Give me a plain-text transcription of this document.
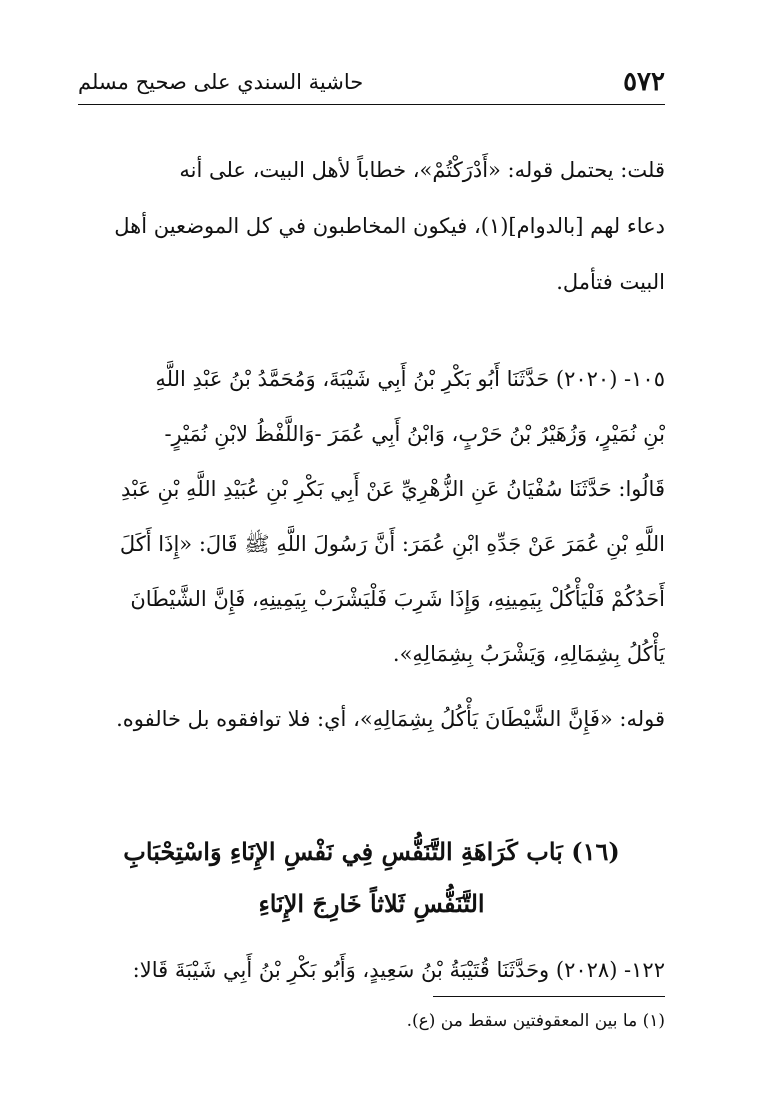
٥٧٢
حاشية السندي على صحيح مسلم
قلت: يحتمل قوله: «أَدْرَكْتُمْ»، خطاباً لأهل البيت، على أنه
دعاء لهم [بالدوام](١)، فيكون المخاطبون في كل الموضعين أهل
البيت فتأمل.
١٠٥- (٢٠٢٠) حَدَّثَنَا أَبُو بَكْرِ بْنُ أَبِي شَيْبَةَ، وَمُحَمَّدُ بْنُ عَبْدِ اللَّهِ
بْنِ نُمَيْرٍ، وَزُهَيْرُ بْنُ حَرْبٍ، وَابْنُ أَبِي عُمَرَ -وَاللَّفْظُ لابْنِ نُمَيْرٍ-
قَالُوا: حَدَّثَنَا سُفْيَانُ عَنِ الزُّهْرِيِّ عَنْ أَبِي بَكْرِ بْنِ عُبَيْدِ اللَّهِ بْنِ عَبْدِ
اللَّهِ بْنِ عُمَرَ عَنْ جَدِّهِ ابْنِ عُمَرَ: أَنَّ رَسُولَ اللَّهِ ﷺ قَالَ: «إِذَا أَكَلَ
أَحَدُكُمْ فَلْيَأْكُلْ بِيَمِينِهِ، وَإِذَا شَرِبَ فَلْيَشْرَبْ بِيَمِينِهِ، فَإِنَّ الشَّيْطَانَ
يَأْكُلُ بِشِمَالِهِ، وَيَشْرَبُ بِشِمَالِهِ».
قوله: «فَإِنَّ الشَّيْطَانَ يَأْكُلُ بِشِمَالِهِ»، أي: فلا توافقوه بل خالفوه.
(١٦) بَاب كَرَاهَةِ التَّنَفُّسِ فِي نَفْسِ الإِنَاءِ وَاسْتِحْبَابِ
التَّنَفُّسِ ثَلاثاً خَارِجَ الإِنَاءِ
١٢٢- (٢٠٢٨) وحَدَّثَنَا قُتَيْبَةُ بْنُ سَعِيدٍ، وَأَبُو بَكْرِ بْنُ أَبِي شَيْبَةَ قَالا:
(١) ما بين المعقوفتين سقط من (ع).
